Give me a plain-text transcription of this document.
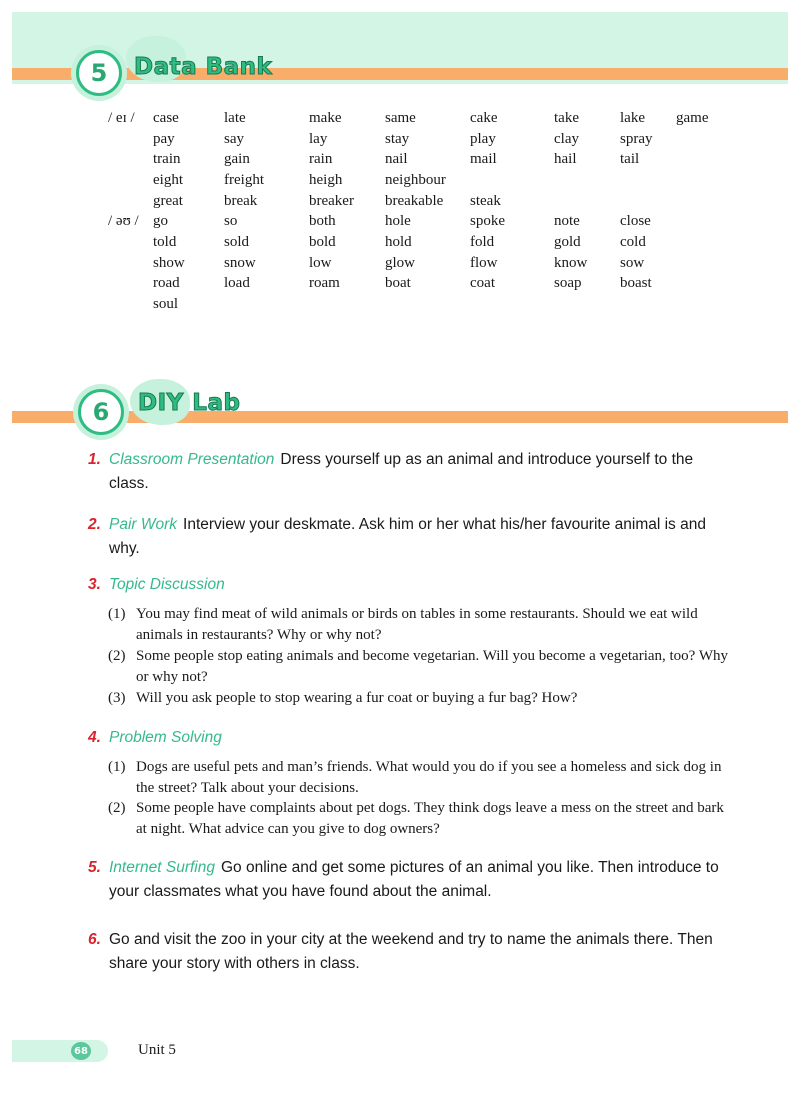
5	Data Bank
/ eɪ /	case	late	make	same	cake	take	lake	game
	pay	say	lay	stay	play	clay	spray	
	train	gain	rain	nail	mail	hail	tail	
	eight	freight	heigh	neighbour				
	great	break	breaker	breakable	steak			
/ əʊ /	go	so	both	hole	spoke	note	close	
	told	sold	bold	hold	fold	gold	cold	
	show	snow	low	glow	flow	know	sow	
	road	load	roam	boat	coat	soap	boast	
	soul							
6	DIY Lab
1. Classroom Presentation Dress yourself up as an animal and introduce yourself to the class.
2. Pair Work Interview your deskmate. Ask him or her what his/her favourite animal is and why.
3. Topic Discussion
(1) You may find meat of wild animals or birds on tables in some restaurants. Should we eat wild animals in restaurants? Why or why not?
(2) Some people stop eating animals and become vegetarian. Will you become a vegetarian, too? Why or why not?
(3) Will you ask people to stop wearing a fur coat or buying a fur bag? How?
4. Problem Solving
(1) Dogs are useful pets and man’s friends. What would you do if you see a homeless and sick dog in the street? Talk about your decisions.
(2) Some people have complaints about pet dogs. They think dogs leave a mess on the street and bark at night. What advice can you give to dog owners?
5. Internet Surfing Go online and get some pictures of an animal you like. Then introduce to your classmates what you have found about the animal.
6. Go and visit the zoo in your city at the weekend and try to name the animals there. Then share your story with others in class.
68	Unit 5
